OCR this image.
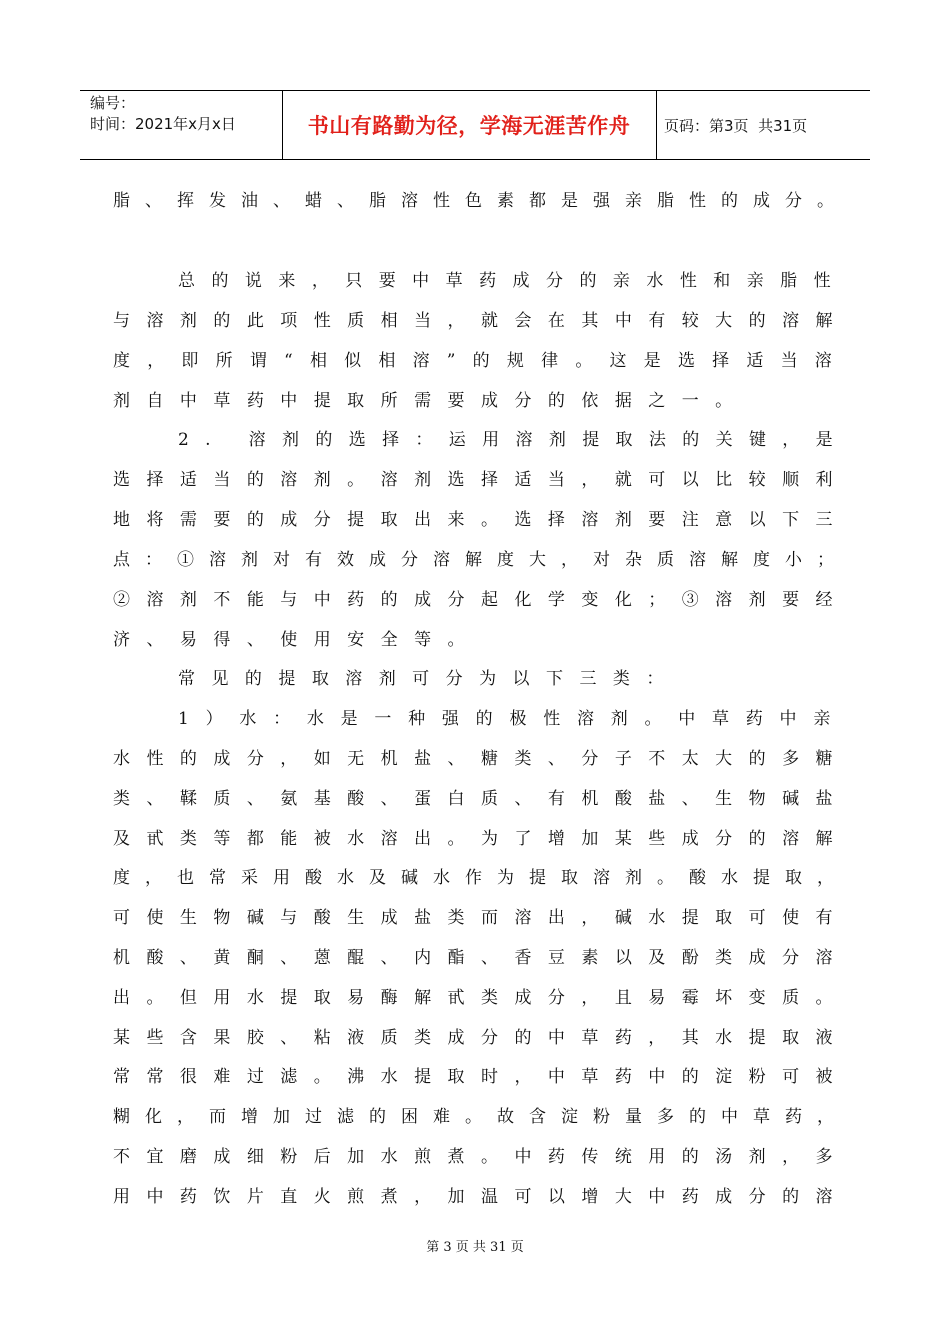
编号：
时间：2021年x月x日	书山有路勤为径，学海无涯苦作舟	页码：第3页  共31页
脂、挥发油、蜡、脂溶性色素都是强亲脂性的成分。
总的说来，只要中草药成分的亲水性和亲脂性
与溶剂的此项性质相当，就会在其中有较大的溶解
度，即所谓“相似相溶”的规律。这是选择适当溶
剂自中草药中提取所需要成分的依据之一。
2. 溶剂的选择：运用溶剂提取法的关键，是
选择适当的溶剂。溶剂选择适当，就可以比较顺利
地将需要的成分提取出来。选择溶剂要注意以下三
点：①溶剂对有效成分溶解度大，对杂质溶解度小；
②溶剂不能与中药的成分起化学变化；③溶剂要经
济、易得、使用安全等。
常见的提取溶剂可分为以下三类：
1）水：水是一种强的极性溶剂。中草药中亲
水性的成分，如无机盐、糖类、分子不太大的多糖
类、鞣质、氨基酸、蛋白质、有机酸盐、生物碱盐
及甙类等都能被水溶出。为了增加某些成分的溶解
度，也常采用酸水及碱水作为提取溶剂。酸水提取，
可使生物碱与酸生成盐类而溶出，碱水提取可使有
机酸、黄酮、蒽醌、内酯、香豆素以及酚类成分溶
出。但用水提取易酶解甙类成分，且易霉坏变质。
某些含果胶、粘液质类成分的中草药，其水提取液
常常很难过滤。沸水提取时，中草药中的淀粉可被
糊化，而增加过滤的困难。故含淀粉量多的中草药，
不宜磨成细粉后加水煎煮。中药传统用的汤剂，多
用中药饮片直火煎煮，加温可以增大中药成分的溶
第 3 页 共 31 页
